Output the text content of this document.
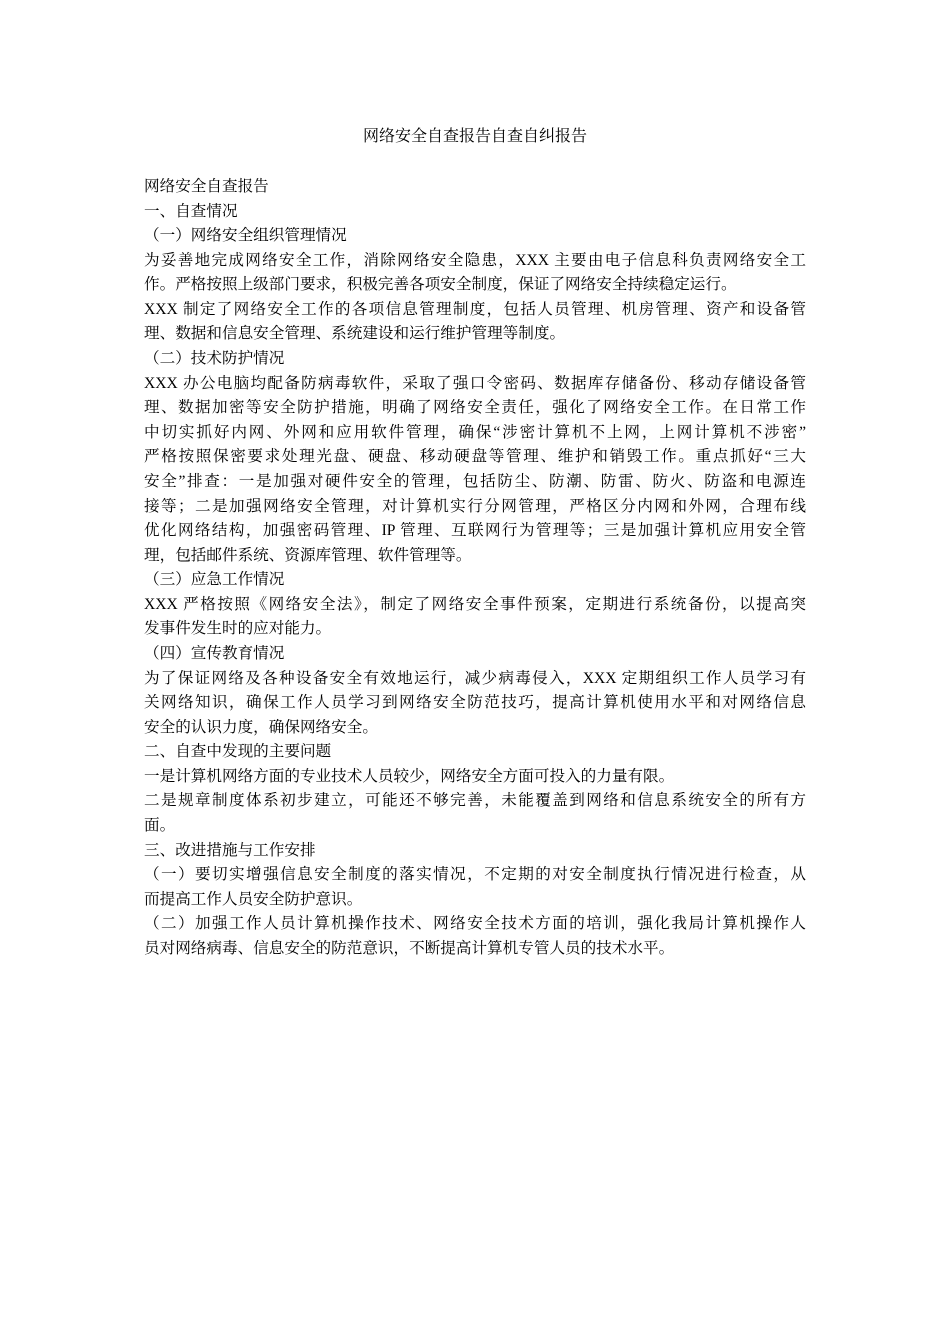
网络安全自查报告自查自纠报告
网络安全自查报告
一、自查情况
（一）网络安全组织管理情况
为妥善地完成网络安全工作，消除网络安全隐患，XXX 主要由电子信息科负责网络安全工
作。严格按照上级部门要求，积极完善各项安全制度，保证了网络安全持续稳定运行。
XXX 制定了网络安全工作的各项信息管理制度，包括人员管理、机房管理、资产和设备管
理、数据和信息安全管理、系统建设和运行维护管理等制度。
（二）技术防护情况
XXX 办公电脑均配备防病毒软件，采取了强口令密码、数据库存储备份、移动存储设备管
理、数据加密等安全防护措施，明确了网络安全责任，强化了网络安全工作。在日常工作
中切实抓好内网、外网和应用软件管理，确保“涉密计算机不上网，上网计算机不涉密”
严格按照保密要求处理光盘、硬盘、移动硬盘等管理、维护和销毁工作。重点抓好“三大
安全”排查：一是加强对硬件安全的管理，包括防尘、防潮、防雷、防火、防盗和电源连
接等；二是加强网络安全管理，对计算机实行分网管理，严格区分内网和外网，合理布线
优化网络结构，加强密码管理、IP 管理、互联网行为管理等；三是加强计算机应用安全管
理，包括邮件系统、资源库管理、软件管理等。
（三）应急工作情况
XXX 严格按照《网络安全法》，制定了网络安全事件预案，定期进行系统备份，以提高突
发事件发生时的应对能力。
（四）宣传教育情况
为了保证网络及各种设备安全有效地运行，减少病毒侵入，XXX 定期组织工作人员学习有
关网络知识，确保工作人员学习到网络安全防范技巧，提高计算机使用水平和对网络信息
安全的认识力度，确保网络安全。
二、自查中发现的主要问题
一是计算机网络方面的专业技术人员较少，网络安全方面可投入的力量有限。
二是规章制度体系初步建立，可能还不够完善，未能覆盖到网络和信息系统安全的所有方
面。
三、改进措施与工作安排
（一）要切实增强信息安全制度的落实情况，不定期的对安全制度执行情况进行检查，从
而提高工作人员安全防护意识。
（二）加强工作人员计算机操作技术、网络安全技术方面的培训，强化我局计算机操作人
员对网络病毒、信息安全的防范意识，不断提高计算机专管人员的技术水平。
